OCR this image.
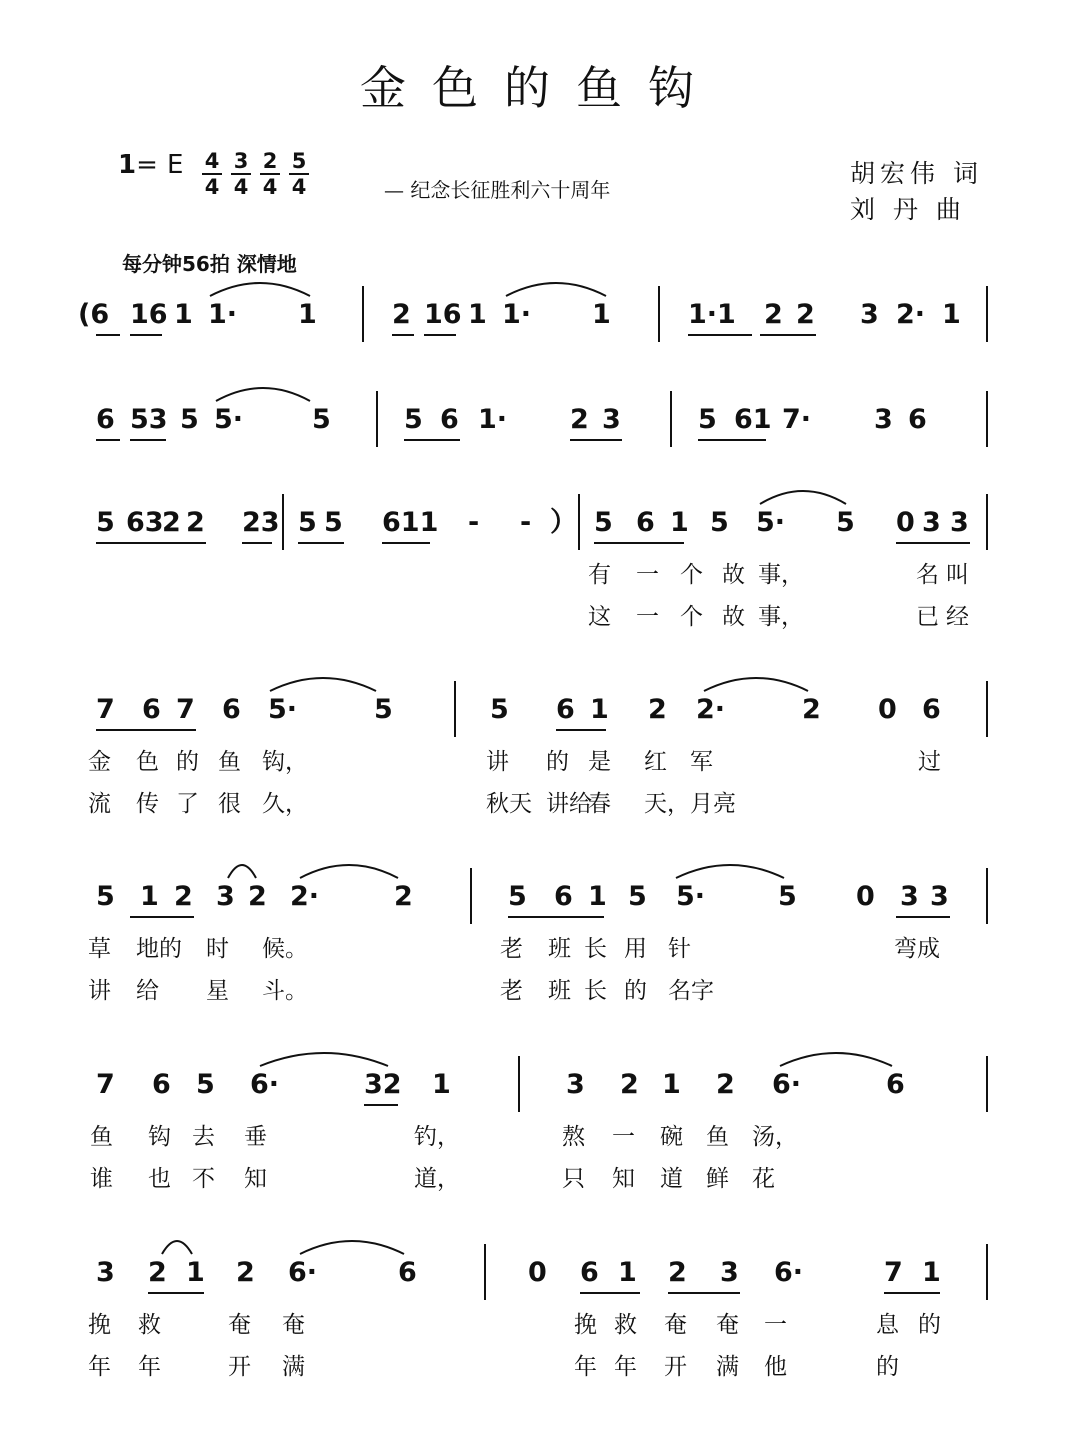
金色的鱼钩
1= E $\frac{4}{4} \frac{3}{4} \frac{2}{4} \frac{5}{4}$	— 纪念长征胜利六十周年
胡宏伟 词
刘 丹 曲
每分钟56拍 深情地
(6 16 1 1· 1	2 16 1 1· 1	1·1 2 2 3 2· 1
6 53 5 5·	5	5 6 1· 2 3	5 61 7· 3 6
5 63
2 2 23 5 5 611 - - ） 5 6 1 5 5· 5 0 3 3
有 一 个 故 事，	名 叫
这 一 个 故 事，	已 经
7 6 7 6 5·	5	5 6 1 2 2·	2 0 6
金 色 的 鱼 钩，	讲 的 是 红 军	过
流 传 了 很 久，	秋天 讲给
春 天， 月亮
5 1 2 3 2 2·	2	5 6 1 5 5·	5 0 3 3
草 地的 时 候。	老 班 长 用 针	弯成
讲 给 星 斗。	老 班 长 的 名字
7 6 5 6·	32 1	3 2 1 2 6·	6
鱼 钩 去 垂	钓，	熬 一 碗 鱼 汤，
谁 也 不 知	道，	只 知 道 鲜 花
3 2 1 2 6·	6	0 6 1 2 3 6·	7 1
挽 救	奄 奄	挽 救 奄 奄 一	息 的
年 年	开 满	年 年 开 满 他	的
